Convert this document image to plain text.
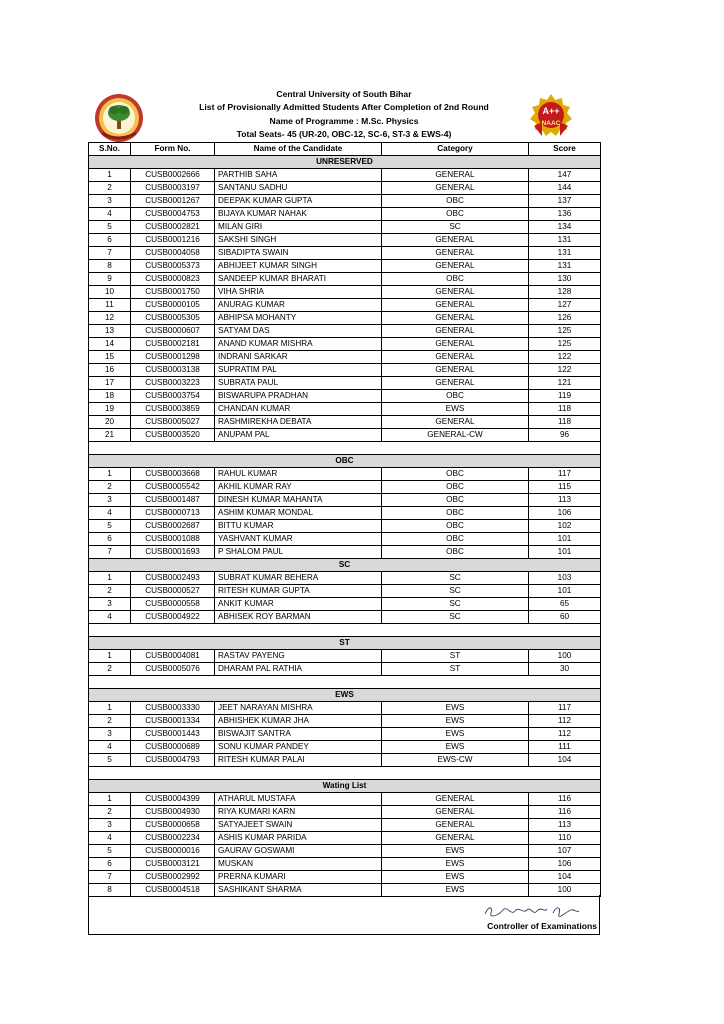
A++
NAAC
Central University of South Bihar
List of Provisionally Admitted Students After Completion of 2nd Round
Name of Programme : M.Sc. Physics
Total Seats- 45 (UR-20, OBC-12, SC-6, ST-3 & EWS-4)
S.No.	Form No.	Name of the Candidate	Category	Score
UNRESERVED				
1	CUSB0002666	PARTHIB SAHA	GENERAL	147
2	CUSB0003197	SANTANU SADHU	GENERAL	144
3	CUSB0001267	DEEPAK KUMAR GUPTA	OBC	137
4	CUSB0004753	BIJAYA KUMAR NAHAK	OBC	136
5	CUSB0002821	MILAN GIRI	SC	134
6	CUSB0001216	SAKSHI SINGH	GENERAL	131
7	CUSB0004058	SIBADIPTA SWAIN	GENERAL	131
8	CUSB0005373	ABHIJEET KUMAR SINGH	GENERAL	131
9	CUSB0000823	SANDEEP KUMAR BHARATI	OBC	130
10	CUSB0001750	VIHA SHRIA	GENERAL	128
11	CUSB0000105	ANURAG KUMAR	GENERAL	127
12	CUSB0005305	ABHIPSA MOHANTY	GENERAL	126
13	CUSB0000607	SATYAM DAS	GENERAL	125
14	CUSB0002181	ANAND KUMAR MISHRA	GENERAL	125
15	CUSB0001298	INDRANI SARKAR	GENERAL	122
16	CUSB0003138	SUPRATIM PAL	GENERAL	122
17	CUSB0003223	SUBRATA PAUL	GENERAL	121
18	CUSB0003754	BISWARUPA PRADHAN	OBC	119
19	CUSB0003859	CHANDAN KUMAR	EWS	118
20	CUSB0005027	RASHMIREKHA DEBATA	GENERAL	118
21	CUSB0003520	ANUPAM PAL	GENERAL-CW	96

OBC				
1	CUSB0003668	RAHUL KUMAR	OBC	117
2	CUSB0005542	AKHIL KUMAR RAY	OBC	115
3	CUSB0001487	DINESH KUMAR MAHANTA	OBC	113
4	CUSB0000713	ASHIM KUMAR MONDAL	OBC	106
5	CUSB0002687	BITTU KUMAR	OBC	102
6	CUSB0001088	YASHVANT KUMAR	OBC	101
7	CUSB0001693	P SHALOM PAUL	OBC	101
SC				
1	CUSB0002493	SUBRAT KUMAR BEHERA	SC	103
2	CUSB0000527	RITESH KUMAR GUPTA	SC	101
3	CUSB0000558	ANKIT KUMAR	SC	65
4	CUSB0004922	ABHISEK ROY BARMAN	SC	60

ST				
1	CUSB0004081	RASTAV PAYENG	ST	100
2	CUSB0005076	DHARAM PAL RATHIA	ST	30

EWS				
1	CUSB0003330	JEET NARAYAN MISHRA	EWS	117
2	CUSB0001334	ABHISHEK KUMAR JHA	EWS	112
3	CUSB0001443	BISWAJIT SANTRA	EWS	112
4	CUSB0000689	SONU KUMAR PANDEY	EWS	111
5	CUSB0004793	RITESH KUMAR PALAI	EWS-CW	104

Wating List				
1	CUSB0004399	ATHARUL MUSTAFA	GENERAL	116
2	CUSB0004930	RIYA KUMARI KARN	GENERAL	116
3	CUSB0000658	SATYAJEET SWAIN	GENERAL	113
4	CUSB0002234	ASHIS KUMAR PARIDA	GENERAL	110
5	CUSB0000016	GAURAV GOSWAMI	EWS	107
6	CUSB0003121	MUSKAN	EWS	106
7	CUSB0002992	PRERNA KUMARI	EWS	104
8	CUSB0004518	SASHIKANT SHARMA	EWS	100
Controller of Examinations
